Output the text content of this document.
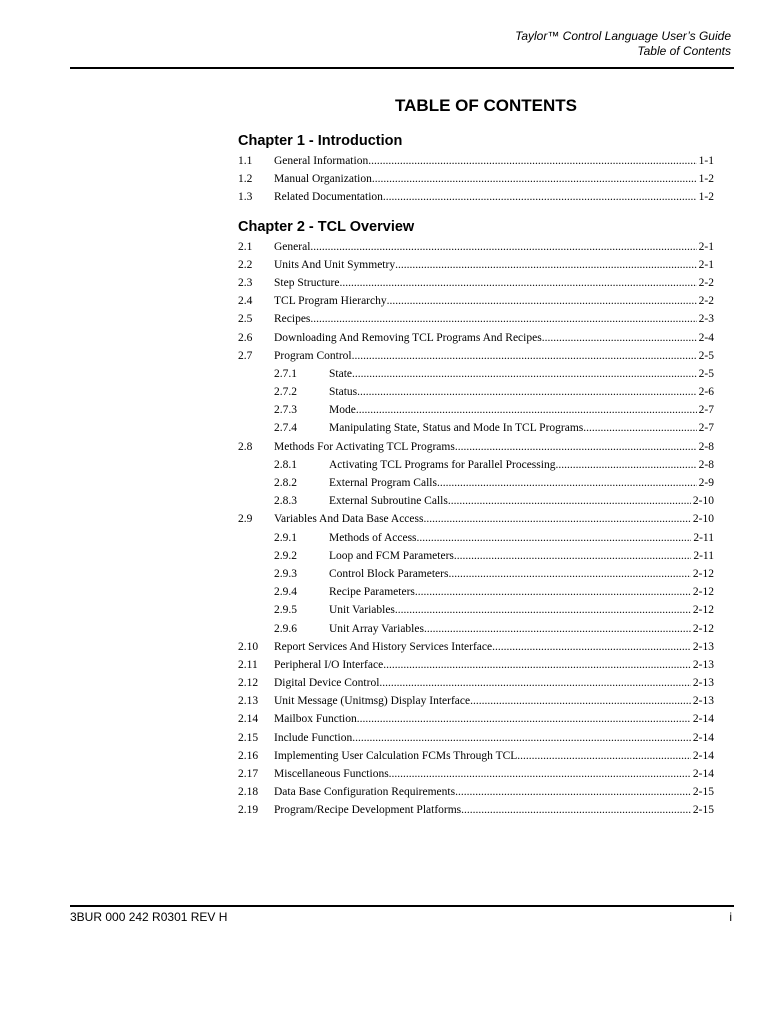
Taylor™ Control Language User’s Guide
Table of Contents
TABLE OF CONTENTS
Chapter 1 - Introduction
1.1	General Information .....	1-1
1.2	Manual Organization .....	1-2
1.3	Related Documentation .....	1-2
Chapter 2 - TCL Overview
2.1	General .....	2-1
2.2	Units And Unit Symmetry .....	2-1
2.3	Step Structure .....	2-2
2.4	TCL Program Hierarchy .....	2-2
2.5	Recipes .....	2-3
2.6	Downloading And Removing TCL Programs And Recipes .....	2-4
2.7	Program Control .....	2-5
2.7.1	State .....	2-5
2.7.2	Status .....	2-6
2.7.3	Mode .....	2-7
2.7.4	Manipulating State, Status and Mode In TCL Programs .....	2-7
2.8	Methods For Activating TCL Programs .....	2-8
2.8.1	Activating TCL Programs for Parallel Processing .....	2-8
2.8.2	External Program Calls .....	2-9
2.8.3	External Subroutine Calls .....	2-10
2.9	Variables And Data Base Access .....	2-10
2.9.1	Methods of Access .....	2-11
2.9.2	Loop and FCM Parameters .....	2-11
2.9.3	Control Block Parameters .....	2-12
2.9.4	Recipe Parameters .....	2-12
2.9.5	Unit Variables .....	2-12
2.9.6	Unit Array Variables .....	2-12
2.10	Report Services And History Services Interface .....	2-13
2.11	Peripheral I/O Interface .....	2-13
2.12	Digital Device Control .....	2-13
2.13	Unit Message (Unitmsg) Display Interface .....	2-13
2.14	Mailbox Function .....	2-14
2.15	Include Function .....	2-14
2.16	Implementing User Calculation FCMs Through TCL .....	2-14
2.17	Miscellaneous Functions .....	2-14
2.18	Data Base Configuration Requirements .....	2-15
2.19	Program/Recipe Development Platforms .....	2-15
3BUR 000 242 R0301 REV H	i
